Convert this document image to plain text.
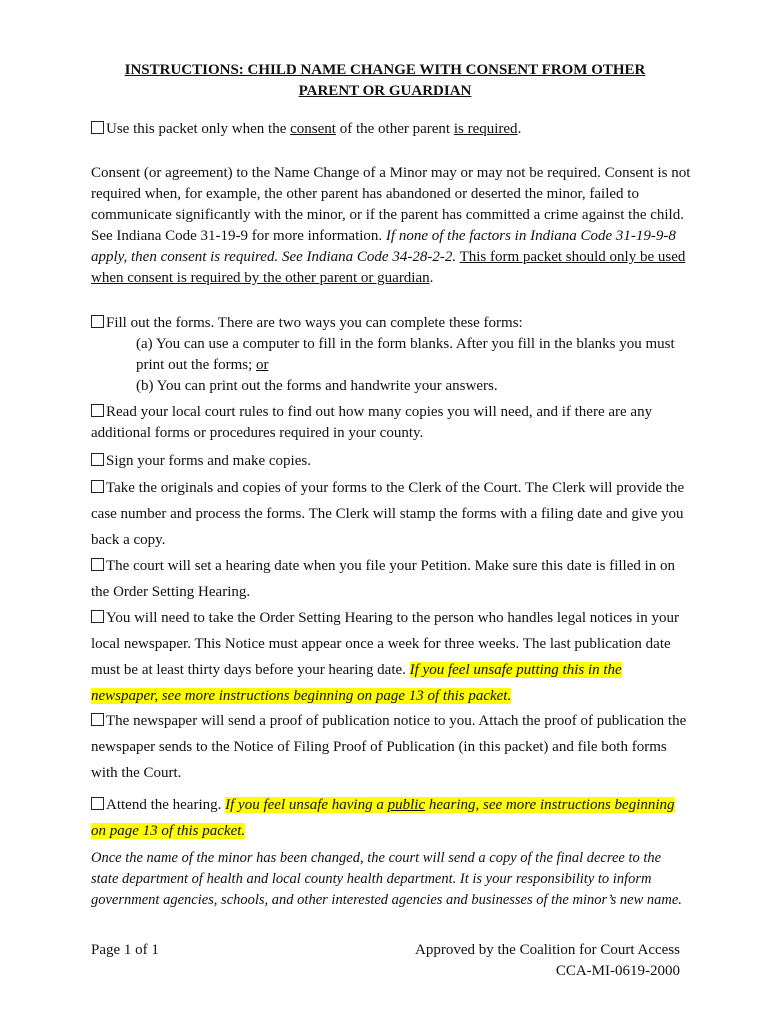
INSTRUCTIONS: CHILD NAME CHANGE WITH CONSENT FROM OTHER
PARENT OR GUARDIAN
Use this packet only when the consent of the other parent is required.
Consent (or agreement) to the Name Change of a Minor may or may not be required. Consent is not required when, for example, the other parent has abandoned or deserted the minor, failed to communicate significantly with the minor, or if the parent has committed a crime against the child. See Indiana Code 31-19-9 for more information. If none of the factors in Indiana Code 31-19-9-8 apply, then consent is required. See Indiana Code 34-28-2-2. This form packet should only be used when consent is required by the other parent or guardian.
Fill out the forms. There are two ways you can complete these forms:
(a) You can use a computer to fill in the form blanks. After you fill in the blanks you must print out the forms; or
(b) You can print out the forms and handwrite your answers.
Read your local court rules to find out how many copies you will need, and if there are any additional forms or procedures required in your county.
Sign your forms and make copies.
Take the originals and copies of your forms to the Clerk of the Court. The Clerk will provide the case number and process the forms. The Clerk will stamp the forms with a filing date and give you back a copy.
The court will set a hearing date when you file your Petition. Make sure this date is filled in on the Order Setting Hearing.
You will need to take the Order Setting Hearing to the person who handles legal notices in your local newspaper. This Notice must appear once a week for three weeks. The last publication date must be at least thirty days before your hearing date. If you feel unsafe putting this in the newspaper, see more instructions beginning on page 13 of this packet.
The newspaper will send a proof of publication notice to you. Attach the proof of publication the newspaper sends to the Notice of Filing Proof of Publication (in this packet) and file both forms with the Court.
Attend the hearing. If you feel unsafe having a public hearing, see more instructions beginning on page 13 of this packet.
Once the name of the minor has been changed, the court will send a copy of the final decree to the state department of health and local county health department. It is your responsibility to inform government agencies, schools, and other interested agencies and businesses of the minor’s new name.
Page 1 of 1	Approved by the Coalition for Court Access
CCA-MI-0619-2000
